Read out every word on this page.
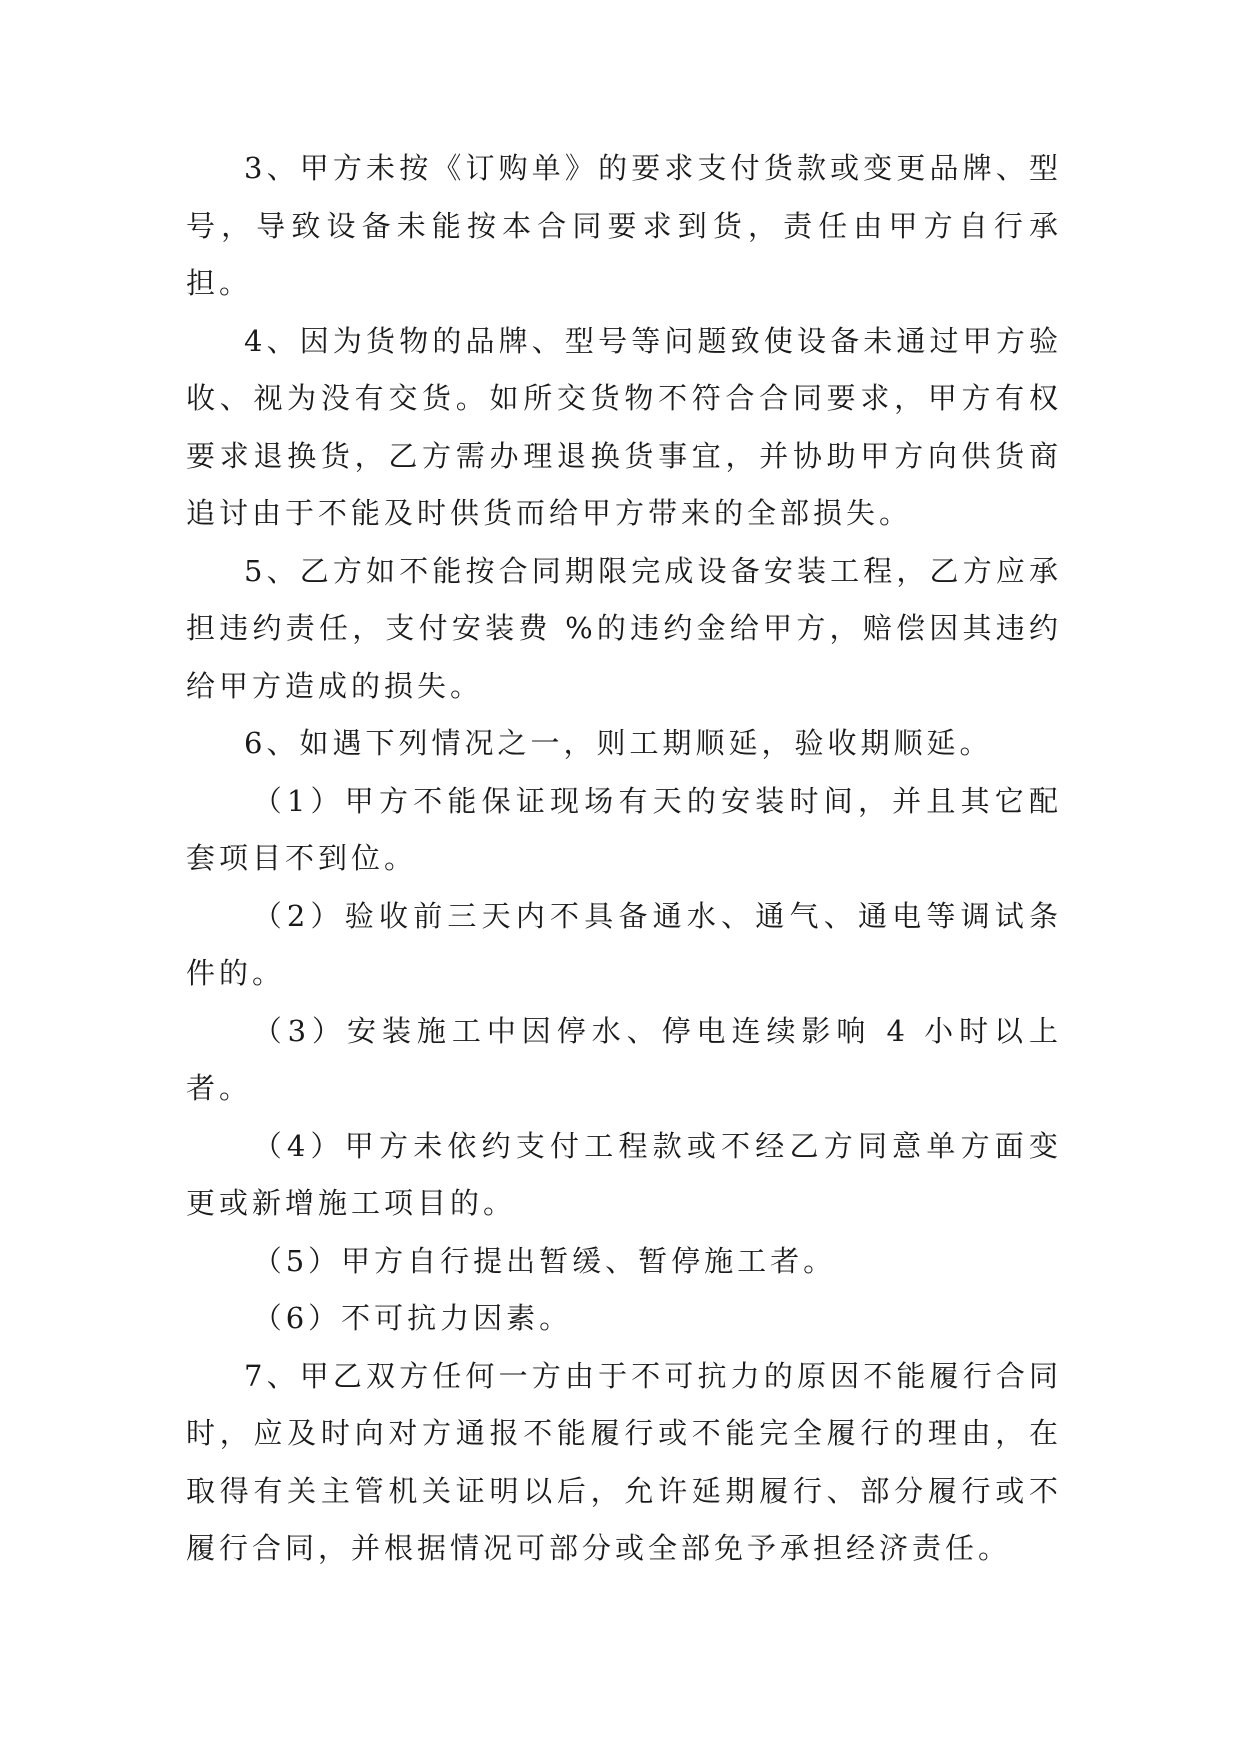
3、甲方未按《订购单》的要求支付货款或变更品牌、型号，导致设备未能按本合同要求到货，责任由甲方自行承担。

4、因为货物的品牌、型号等问题致使设备未通过甲方验收、视为没有交货。如所交货物不符合合同要求，甲方有权要求退换货，乙方需办理退换货事宜，并协助甲方向供货商追讨由于不能及时供货而给甲方带来的全部损失。

5、乙方如不能按合同期限完成设备安装工程，乙方应承担违约责任，支付安装费 %的违约金给甲方，赔偿因其违约给甲方造成的损失。

6、如遇下列情况之一，则工期顺延，验收期顺延。

（1）甲方不能保证现场有天的安装时间，并且其它配套项目不到位。

（2）验收前三天内不具备通水、通气、通电等调试条件的。

（3）安装施工中因停水、停电连续影响 4 小时以上者。

（4）甲方未依约支付工程款或不经乙方同意单方面变更或新增施工项目的。

（5）甲方自行提出暂缓、暂停施工者。

（6）不可抗力因素。

7、甲乙双方任何一方由于不可抗力的原因不能履行合同时，应及时向对方通报不能履行或不能完全履行的理由，在取得有关主管机关证明以后，允许延期履行、部分履行或不履行合同，并根据情况可部分或全部免予承担经济责任。
